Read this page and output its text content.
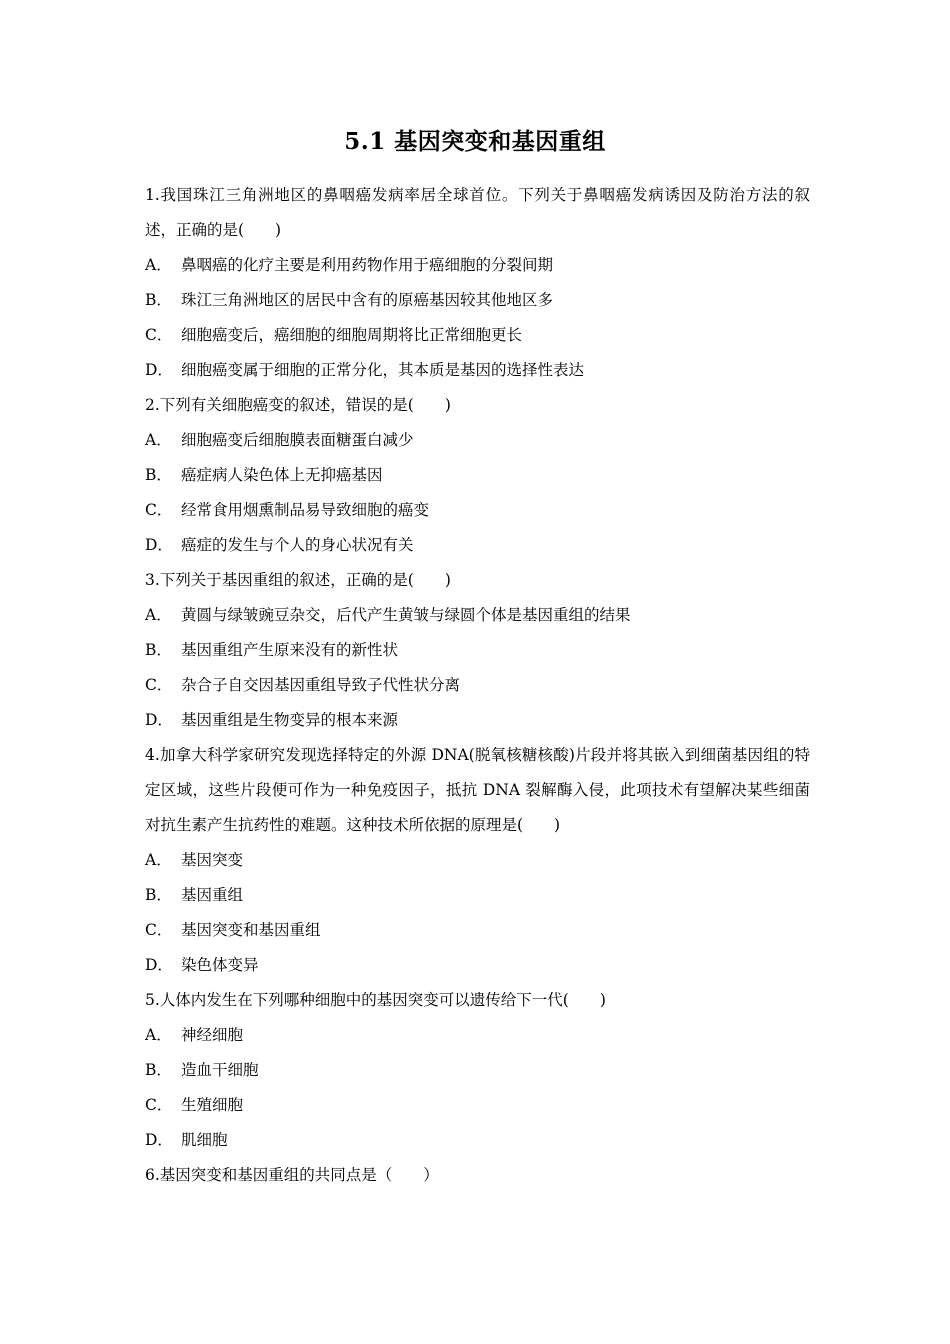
5.1 基因突变和基因重组

1.我国珠江三角洲地区的鼻咽癌发病率居全球首位。下列关于鼻咽癌发病诱因及防治方法的叙述，正确的是(　　)

A． 鼻咽癌的化疗主要是利用药物作用于癌细胞的分裂间期
B． 珠江三角洲地区的居民中含有的原癌基因较其他地区多
C． 细胞癌变后，癌细胞的细胞周期将比正常细胞更长
D． 细胞癌变属于细胞的正常分化，其本质是基因的选择性表达

2.下列有关细胞癌变的叙述，错误的是(　　)

A． 细胞癌变后细胞膜表面糖蛋白减少
B． 癌症病人染色体上无抑癌基因
C． 经常食用烟熏制品易导致细胞的癌变
D． 癌症的发生与个人的身心状况有关

3.下列关于基因重组的叙述，正确的是(　　)

A． 黄圆与绿皱豌豆杂交，后代产生黄皱与绿圆个体是基因重组的结果
B． 基因重组产生原来没有的新性状
C． 杂合子自交因基因重组导致子代性状分离
D． 基因重组是生物变异的根本来源

4.加拿大科学家研究发现选择特定的外源 DNA(脱氧核糖核酸)片段并将其嵌入到细菌基因组的特定区域，这些片段便可作为一种免疫因子，抵抗 DNA 裂解酶入侵，此项技术有望解决某些细菌对抗生素产生抗药性的难题。这种技术所依据的原理是(　　)

A． 基因突变
B． 基因重组
C． 基因突变和基因重组
D． 染色体变异

5.人体内发生在下列哪种细胞中的基因突变可以遗传给下一代(　　)

A． 神经细胞
B． 造血干细胞
C． 生殖细胞
D． 肌细胞

6.基因突变和基因重组的共同点是（　　）
